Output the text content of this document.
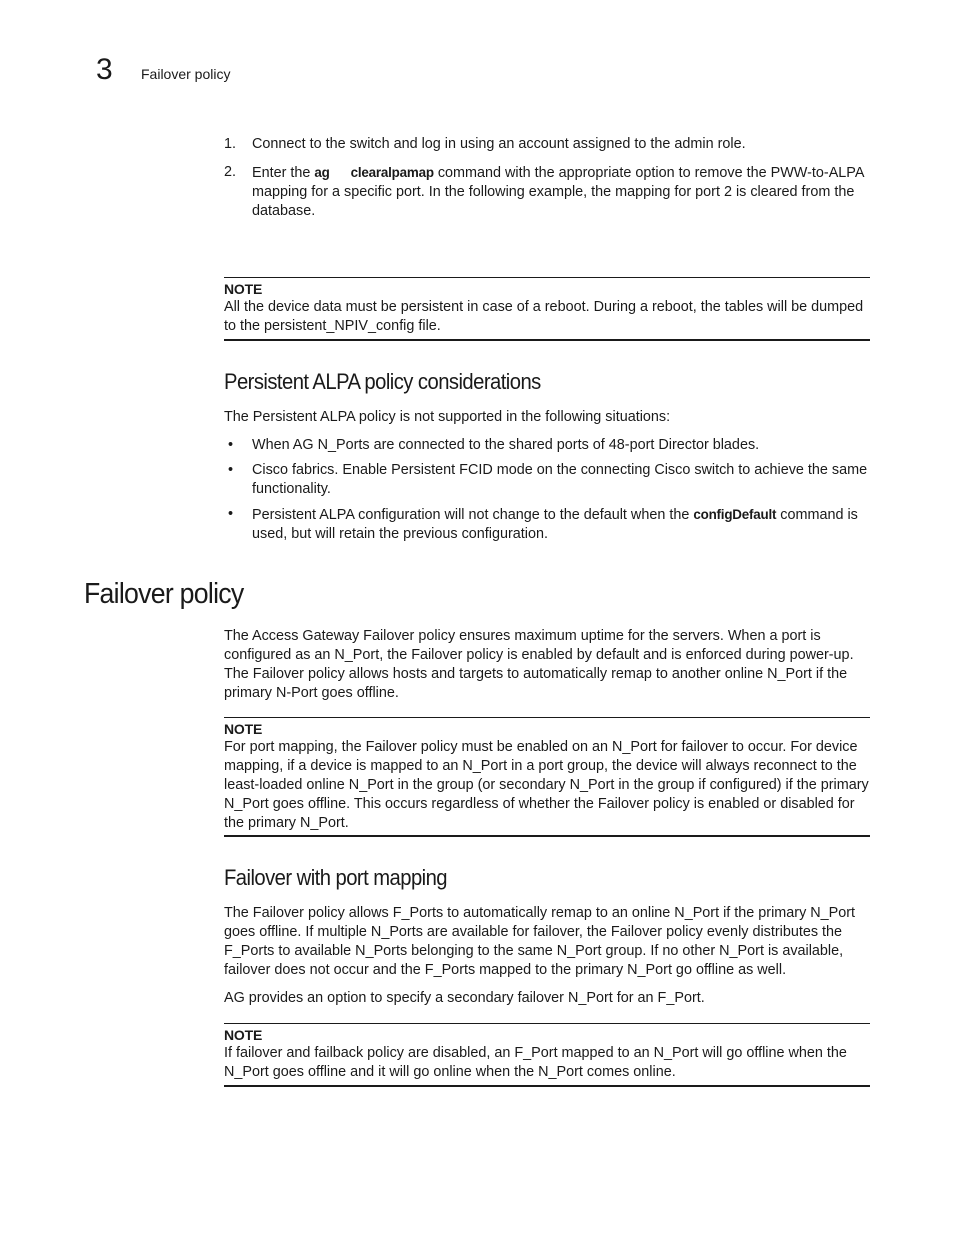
3 Failover policy
1. Connect to the switch and log in using an account assigned to the admin role.
2. Enter the ag clearalpamap command with the appropriate option to remove the PWW-to-ALPA mapping for a specific port. In the following example, the mapping for port 2 is cleared from the database.
NOTE
All the device data must be persistent in case of a reboot. During a reboot, the tables will be dumped to the persistent_NPIV_config file.
Persistent ALPA policy considerations
The Persistent ALPA policy is not supported in the following situations:
• When AG N_Ports are connected to the shared ports of 48-port Director blades.
• Cisco fabrics. Enable Persistent FCID mode on the connecting Cisco switch to achieve the same functionality.
• Persistent ALPA configuration will not change to the default when the configDefault command is used, but will retain the previous configuration.
Failover policy
The Access Gateway Failover policy ensures maximum uptime for the servers. When a port is configured as an N_Port, the Failover policy is enabled by default and is enforced during power-up. The Failover policy allows hosts and targets to automatically remap to another online N_Port if the primary N-Port goes offline.
NOTE
For port mapping, the Failover policy must be enabled on an N_Port for failover to occur. For device mapping, if a device is mapped to an N_Port in a port group, the device will always reconnect to the least-loaded online N_Port in the group (or secondary N_Port in the group if configured) if the primary N_Port goes offline. This occurs regardless of whether the Failover policy is enabled or disabled for the primary N_Port.
Failover with port mapping
The Failover policy allows F_Ports to automatically remap to an online N_Port if the primary N_Port goes offline. If multiple N_Ports are available for failover, the Failover policy evenly distributes the F_Ports to available N_Ports belonging to the same N_Port group. If no other N_Port is available, failover does not occur and the F_Ports mapped to the primary N_Port go offline as well.
AG provides an option to specify a secondary failover N_Port for an F_Port.
NOTE
If failover and failback policy are disabled, an F_Port mapped to an N_Port will go offline when the N_Port goes offline and it will go online when the N_Port comes online.
